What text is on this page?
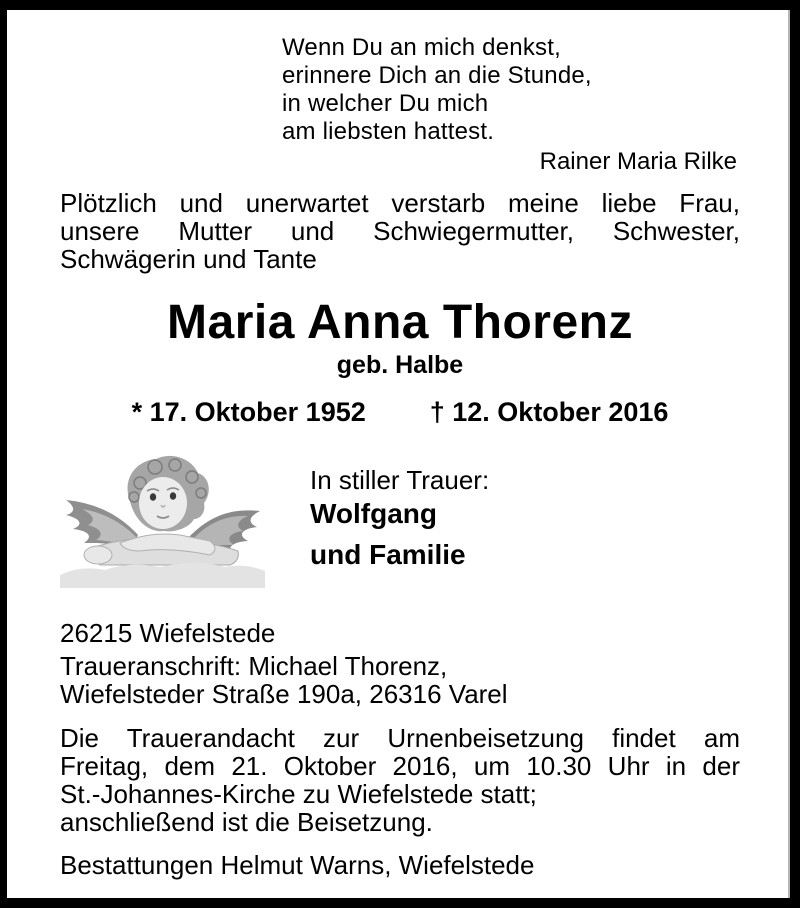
Wenn Du an mich denkst,
erinnere Dich an die Stunde,
in welcher Du mich
am liebsten hattest.
Rainer Maria Rilke
Plötzlich und unerwartet verstarb meine liebe Frau,
unsere Mutter und Schwiegermutter, Schwester,
Schwägerin und Tante
Maria Anna Thorenz
geb. Halbe
* 17. Oktober 1952 † 12. Oktober 2016
In stiller Trauer:
Wolfgang
und Familie
26215 Wiefelstede
Traueranschrift: Michael Thorenz,
Wiefelsteder Straße 190a, 26316 Varel
Die Trauerandacht zur Urnenbeisetzung findet am
Freitag, dem 21. Oktober 2016, um 10.30 Uhr in der
St.-Johannes-Kirche zu Wiefelstede statt;
anschließend ist die Beisetzung.
Bestattungen Helmut Warns, Wiefelstede
